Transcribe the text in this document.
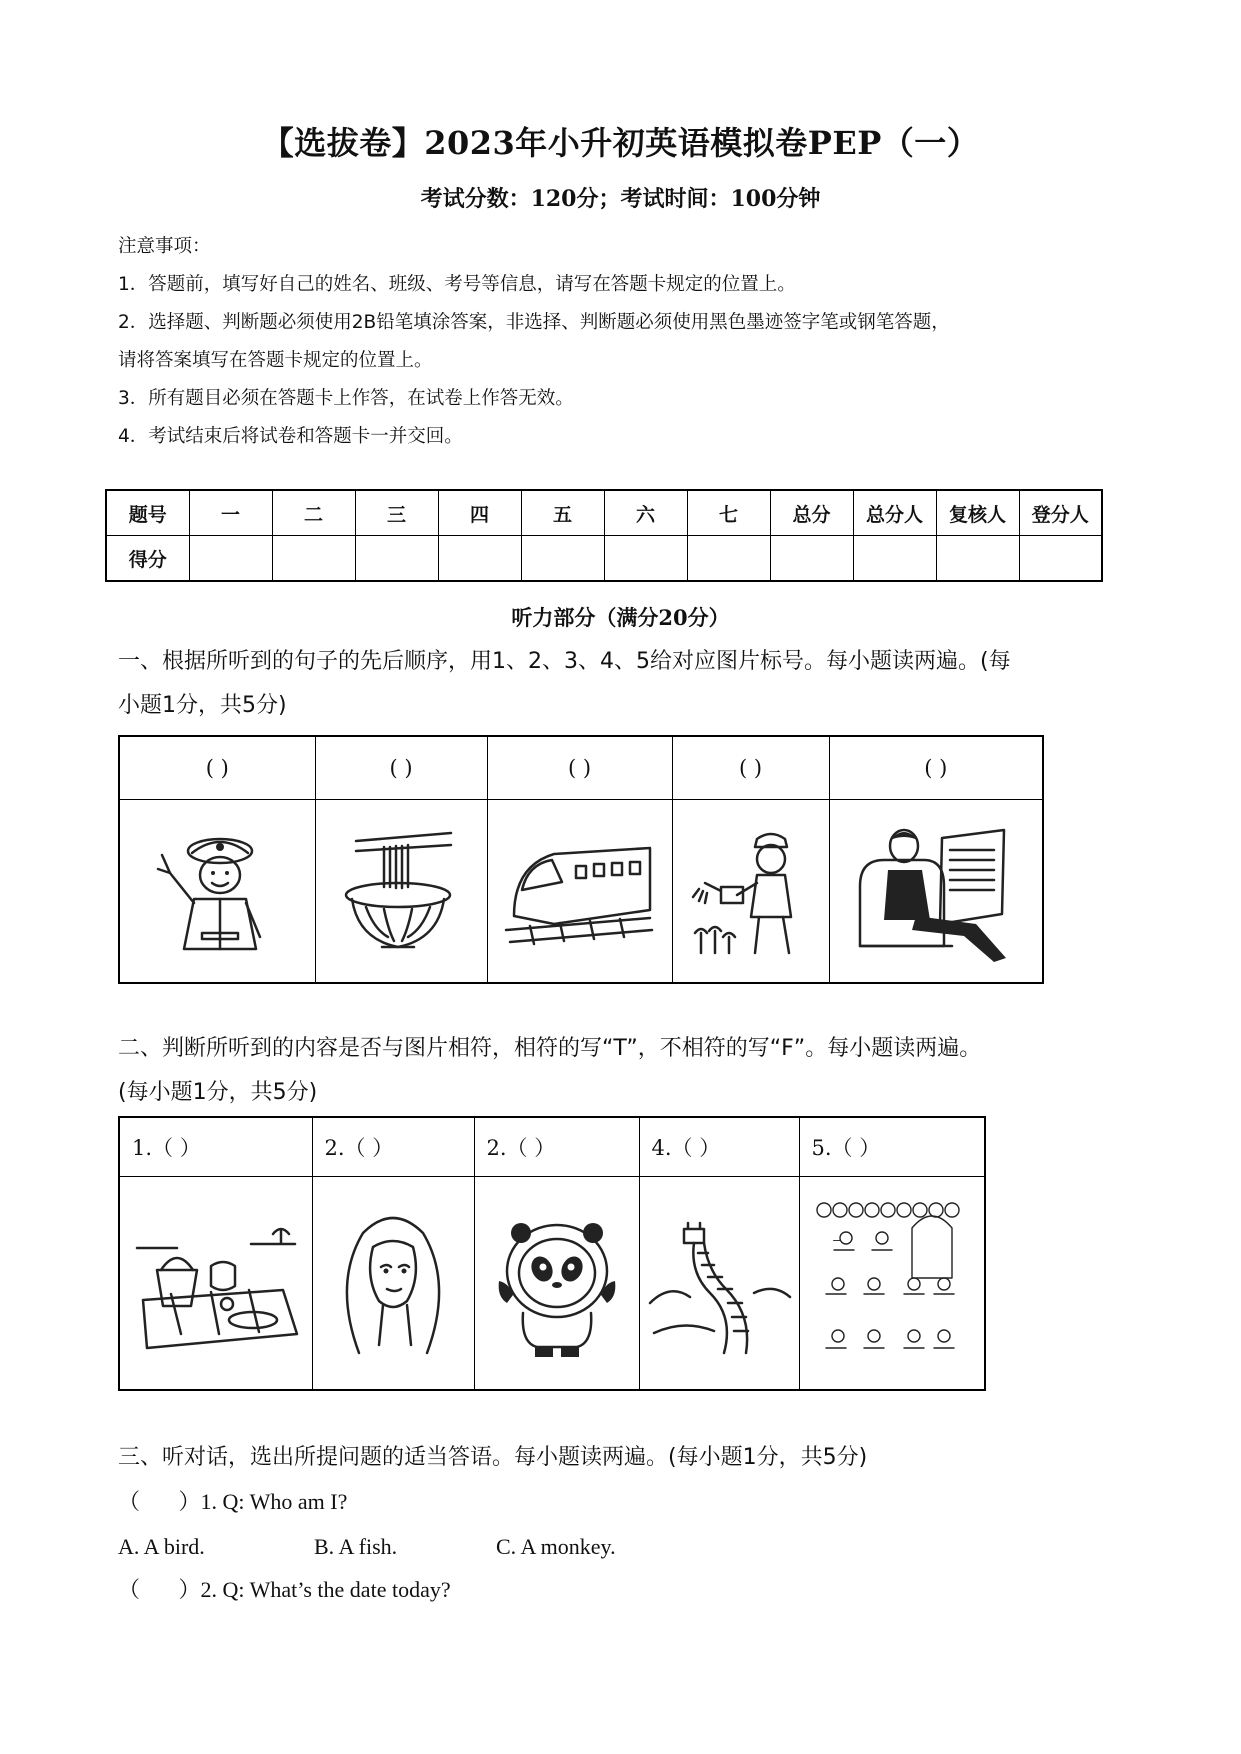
【选拔卷】2023年小升初英语模拟卷PEP（一）
考试分数：120分；考试时间：100分钟
注意事项：
1．答题前，填写好自己的姓名、班级、考号等信息，请写在答题卡规定的位置上。
2．选择题、判断题必须使用2B铅笔填涂答案，非选择、判断题必须使用黑色墨迹签字笔或钢笔答题，
请将答案填写在答题卡规定的位置上。
3．所有题目必须在答题卡上作答，在试卷上作答无效。
4．考试结束后将试卷和答题卡一并交回。
题号	一	二	三	四	五	六	七	总分	总分人	复核人	登分人
得分											
听力部分（满分20分）
一、根据所听到的句子的先后顺序，用1、2、3、4、5给对应图片标号。每小题读两遍。(每
小题1分，共5分)
( )	( )	( )	( )	( )

二、判断所听到的内容是否与图片相符，相符的写“T”，不相符的写“F”。每小题读两遍。
(每小题1分，共5分)
1.（ ）	2.（ ）	2.（ ）	4.（ ）	5.（ ）

−
三、听对话，选出所提问题的适当答语。每小题读两遍。(每小题1分，共5分)
（       ）1. Q: Who am I?
A. A bird.	B. A fish.	C. A monkey.
（       ）2. Q: What’s the date today?
